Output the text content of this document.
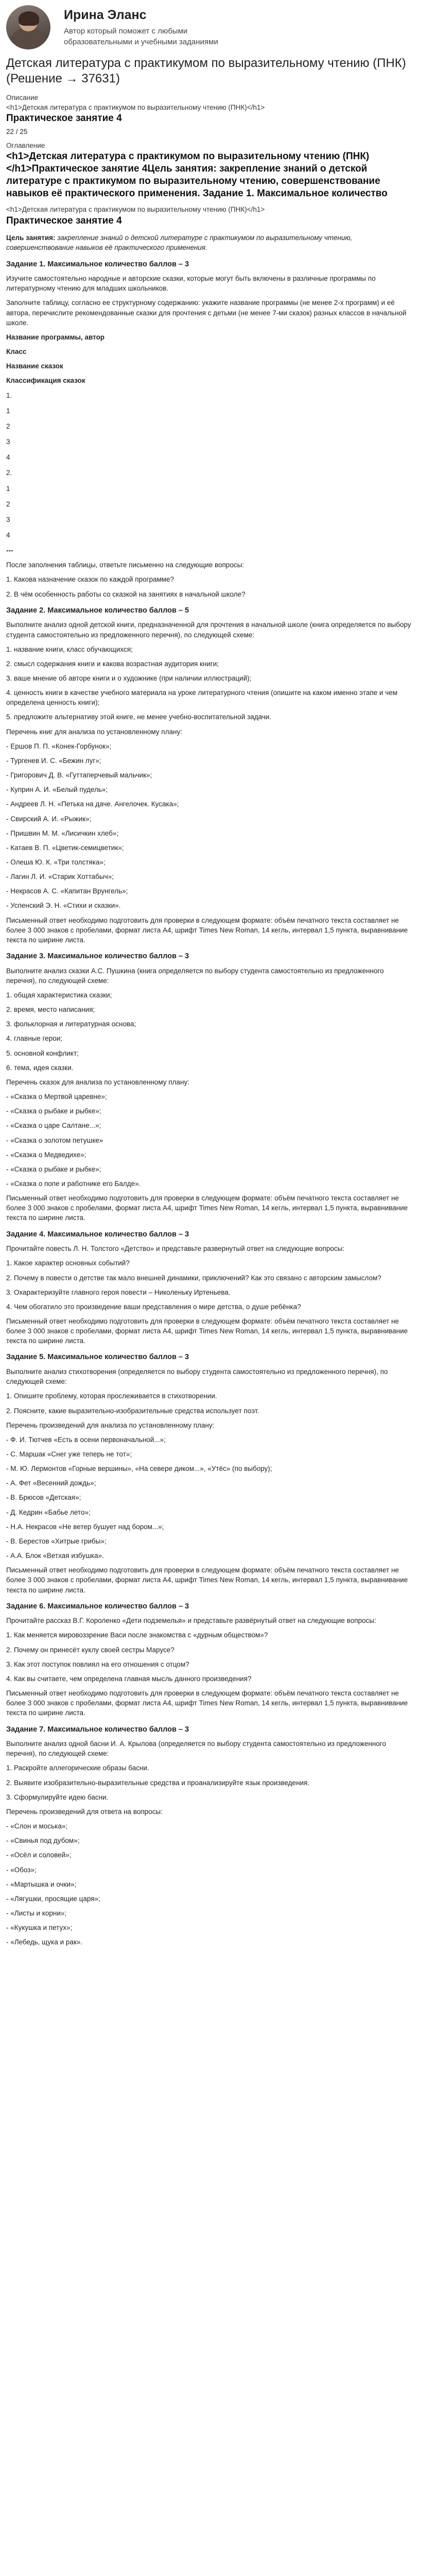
Ирина Эланс
Автор который поможет с любыми образовательными и учебными заданиями
Детская литература с практикумом по выразительному чтению (ПНК) (Решение → 37631)
Описание
<h1>Детская литература с практикумом по выразительному чтению (ПНК)</h1>
Практическое занятие 4
22 / 25
Оглавление
<h1>Детская литература с практикумом по выразительному чтению (ПНК)</h1>Практическое занятие 4Цель занятия: закрепление знаний о детской литературе с практикумом по выразительному чтению, совершенствование навыков её практического применения. Задание 1. Максимальное количество
<h1>Детская литература с практикумом по выразительному чтению (ПНК)</h1>
Практическое занятие 4

Цель занятия: закрепление знаний о детской литературе с практикумом по выразительному чтению, совершенствование навыков её практического применения.

Задание 1. Максимальное количество баллов – 3

Изучите самостоятельно народные и авторские сказки, которые могут быть включены в различные программы по литературному чтению для младших школьников.

Заполните таблицу, согласно ее структурному содержанию: укажите название программы (не менее 2-х программ) и её автора, перечислите рекомендованные сказки для прочтения с детьми (не менее 7-ми сказок) разных классов в начальной школе.

Название программы, автор

Класс

Название сказок

Классификация сказок

1.

1

2

3

4

2.

1

2

3

4

---

После заполнения таблицы, ответьте письменно на следующие вопросы:

1. Какова назначение сказок по каждой программе?

2. В чём особенность работы со сказкой на занятиях в начальной школе?

Задание 2. Максимальное количество баллов – 5

Выполните анализ одной детской книги, предназначенной для прочтения в начальной школе (книга определяется по выбору студента самостоятельно из предложенного перечня), по следующей схеме:

1. название книги, класс обучающихся;

2. смысл содержания книги и какова возрастная аудитория книги;

3. ваше мнение об авторе книги и о художнике (при наличии иллюстраций);

4. ценность книги в качестве учебного материала на уроке литературного чтения (опишите на каком именно этапе и чем определена ценность книги);

5. предложите альтернативу этой книге, не менее учебно-воспитательной задачи.

Перечень книг для анализа по установленному плану:

- Ершов П. П. «Конек-Горбунок»;

- Тургенев И. С. «Бежин луг»;

- Григорович Д. В. «Гуттаперчевый мальчик»;

- Куприн А. И. «Белый пудель»;

- Андреев Л. Н. «Петька на даче. Ангелочек. Кусака»;

- Свирский А. И. «Рыжик»;

- Пришвин М. М. «Лисичкин хлеб»;

- Катаев В. П. «Цветик-семицветик»;

- Олеша Ю. К. «Три толстяка»;

- Лагин Л. И. «Старик Хоттабыч»;

- Некрасов А. С. «Капитан Врунгель»;

- Успенский Э. Н. «Стихи и сказки».

Письменный ответ необходимо подготовить для проверки в следующем формате: объём печатного текста составляет не более 3 000 знаков с пробелами, формат листа А4, шрифт Times New Roman, 14 кегль, интервал 1,5 пункта, выравнивание текста по ширине листа.

Задание 3. Максимальное количество баллов – 3

Выполните анализ сказки А.С. Пушкина (книга определяется по выбору студента самостоятельно из предложенного перечня), по следующей схеме:

1. общая характеристика сказки;

2. время, место написания;

3. фольклорная и литературная основа;

4. главные герои;

5. основной конфликт;

6. тема, идея сказки.

Перечень сказок для анализа по установленному плану:

- «Сказка о Мертвой царевне»;

- «Сказка о рыбаке и рыбке»;

- «Сказка о царе Салтане...»;

- «Сказка о золотом петушке»

- «Сказка о Медведихе»;

- «Сказка о рыбаке и рыбке»;

- «Сказка о попе и работнике его Балде».

Письменный ответ необходимо подготовить для проверки в следующем формате: объём печатного текста составляет не более 3 000 знаков с пробелами, формат листа А4, шрифт Times New Roman, 14 кегль, интервал 1,5 пункта, выравнивание текста по ширине листа.

Задание 4. Максимальное количество баллов – 3

Прочитайте повесть Л. Н. Толстого «Детство» и представьте развернутый ответ на следующие вопросы:

1. Какое характер основных событий?

2. Почему в повести о детстве так мало внешней динамики, приключений? Как это связано с авторским замыслом?

3. Охарактеризуйте главного героя повести – Николеньку Иртеньева.

4. Чем обогатило это произведение ваши представления о мире детства, о душе ребёнка?

Письменный ответ необходимо подготовить для проверки в следующем формате: объём печатного текста составляет не более 3 000 знаков с пробелами, формат листа А4, шрифт Times New Roman, 14 кегль, интервал 1,5 пункта, выравнивание текста по ширине листа.

Задание 5. Максимальное количество баллов – 3

Выполните анализ стихотворения (определяется по выбору студента самостоятельно из предложенного перечня), по следующей схеме:

1. Опишите проблему, которая прослеживается в стихотворении.

2. Поясните, какие выразительно-изобразительные средства использует поэт.

Перечень произведений для анализа по установленному плану:

- Ф. И. Тютчев «Есть в осени первоначальной...»;

- С. Маршак «Снег уже теперь не тот»;

- М. Ю. Лермонтов «Горные вершины», «На севере диком...», «Утёс» (по выбору);

- А. Фет «Весенний дождь»;

- В. Брюсов «Детская»;

- Д. Кедрин «Бабье лето»;

- Н.А. Некрасов «Не ветер бушует над бором...»;

- В. Берестов «Хитрые грибы»;

- А.А. Блок «Ветхая избушка».

Письменный ответ необходимо подготовить для проверки в следующем формате: объём печатного текста составляет не более 3 000 знаков с пробелами, формат листа А4, шрифт Times New Roman, 14 кегль, интервал 1,5 пункта, выравнивание текста по ширине листа.

Задание 6. Максимальное количество баллов – 3

Прочитайте рассказ В.Г. Короленко «Дети подземелья» и представьте развёрнутый ответ на следующие вопросы:

1. Как меняется мировоззрение Васи после знакомства с «дурным обществом»?

2. Почему он принесёт куклу своей сестры Марусе?

3. Как этот поступок повлиял на его отношения с отцом?

4. Как вы считаете, чем определена главная мысль данного произведения?

Письменный ответ необходимо подготовить для проверки в следующем формате: объём печатного текста составляет не более 3 000 знаков с пробелами, формат листа А4, шрифт Times New Roman, 14 кегль, интервал 1,5 пункта, выравнивание текста по ширине листа.

Задание 7. Максимальное количество баллов – 3

Выполните анализ одной басни И. А. Крылова (определяется по выбору студента самостоятельно из предложенного перечня), по следующей схеме:

1. Раскройте аллегорические образы басни.

2. Выявите изобразительно-выразительные средства и проанализируйте язык произведения.

3. Сформулируйте идею басни.

Перечень произведений для ответа на вопросы:

- «Слон и моська»;

- «Свинья под дубом»;

- «Осёл и соловей»;

- «Обоз»;

- «Мартышка и очки»;

- «Лягушки, просящие царя»;

- «Листы и корни»;

- «Кукушка и петух»;

- «Лебедь, щука и рак».
